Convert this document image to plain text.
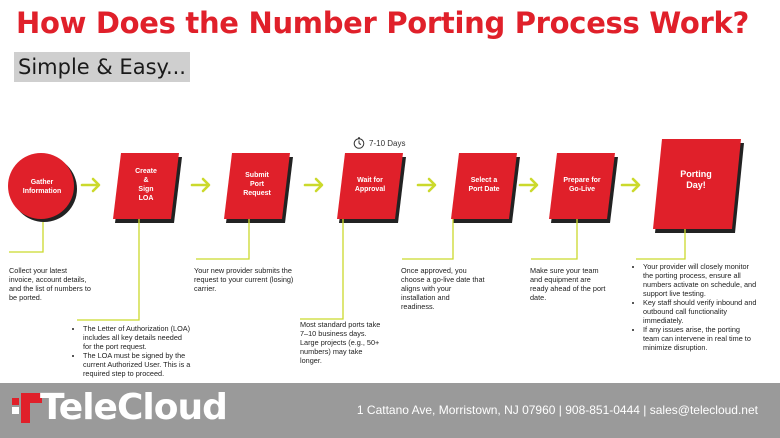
How Does the Number Porting Process Work?
Simple & Easy...
7-10 Days
Gather
Information
Create
&
Sign
LOA
Submit
Port
Request
Wait for
Approval
Select a
Port Date
Prepare for
Go-Live
Porting
Day!
Collect your latest invoice, account details, and the list of numbers to be ported.
• The Letter of Authorization (LOA) includes all key details needed for the port request.
• The LOA must be signed by the current Authorized User. This is a required step to proceed.
Your new provider submits the request to your current (losing) carrier.
Most standard ports take 7–10 business days. Large projects (e.g., 50+ numbers) may take longer.
Once approved, you choose a go-live date that aligns with your installation and readiness.
Make sure your team and equipment are ready ahead of the port date.
• Your provider will closely monitor the porting process, ensure all numbers activate on schedule, and support live testing.
• Key staff should verify inbound and outbound call functionality immediately.
• If any issues arise, the porting team can intervene in real time to minimize disruption.
TeleCloud	1 Cattano Ave, Morristown, NJ 07960 | 908-851-0444 | sales@telecloud.net
